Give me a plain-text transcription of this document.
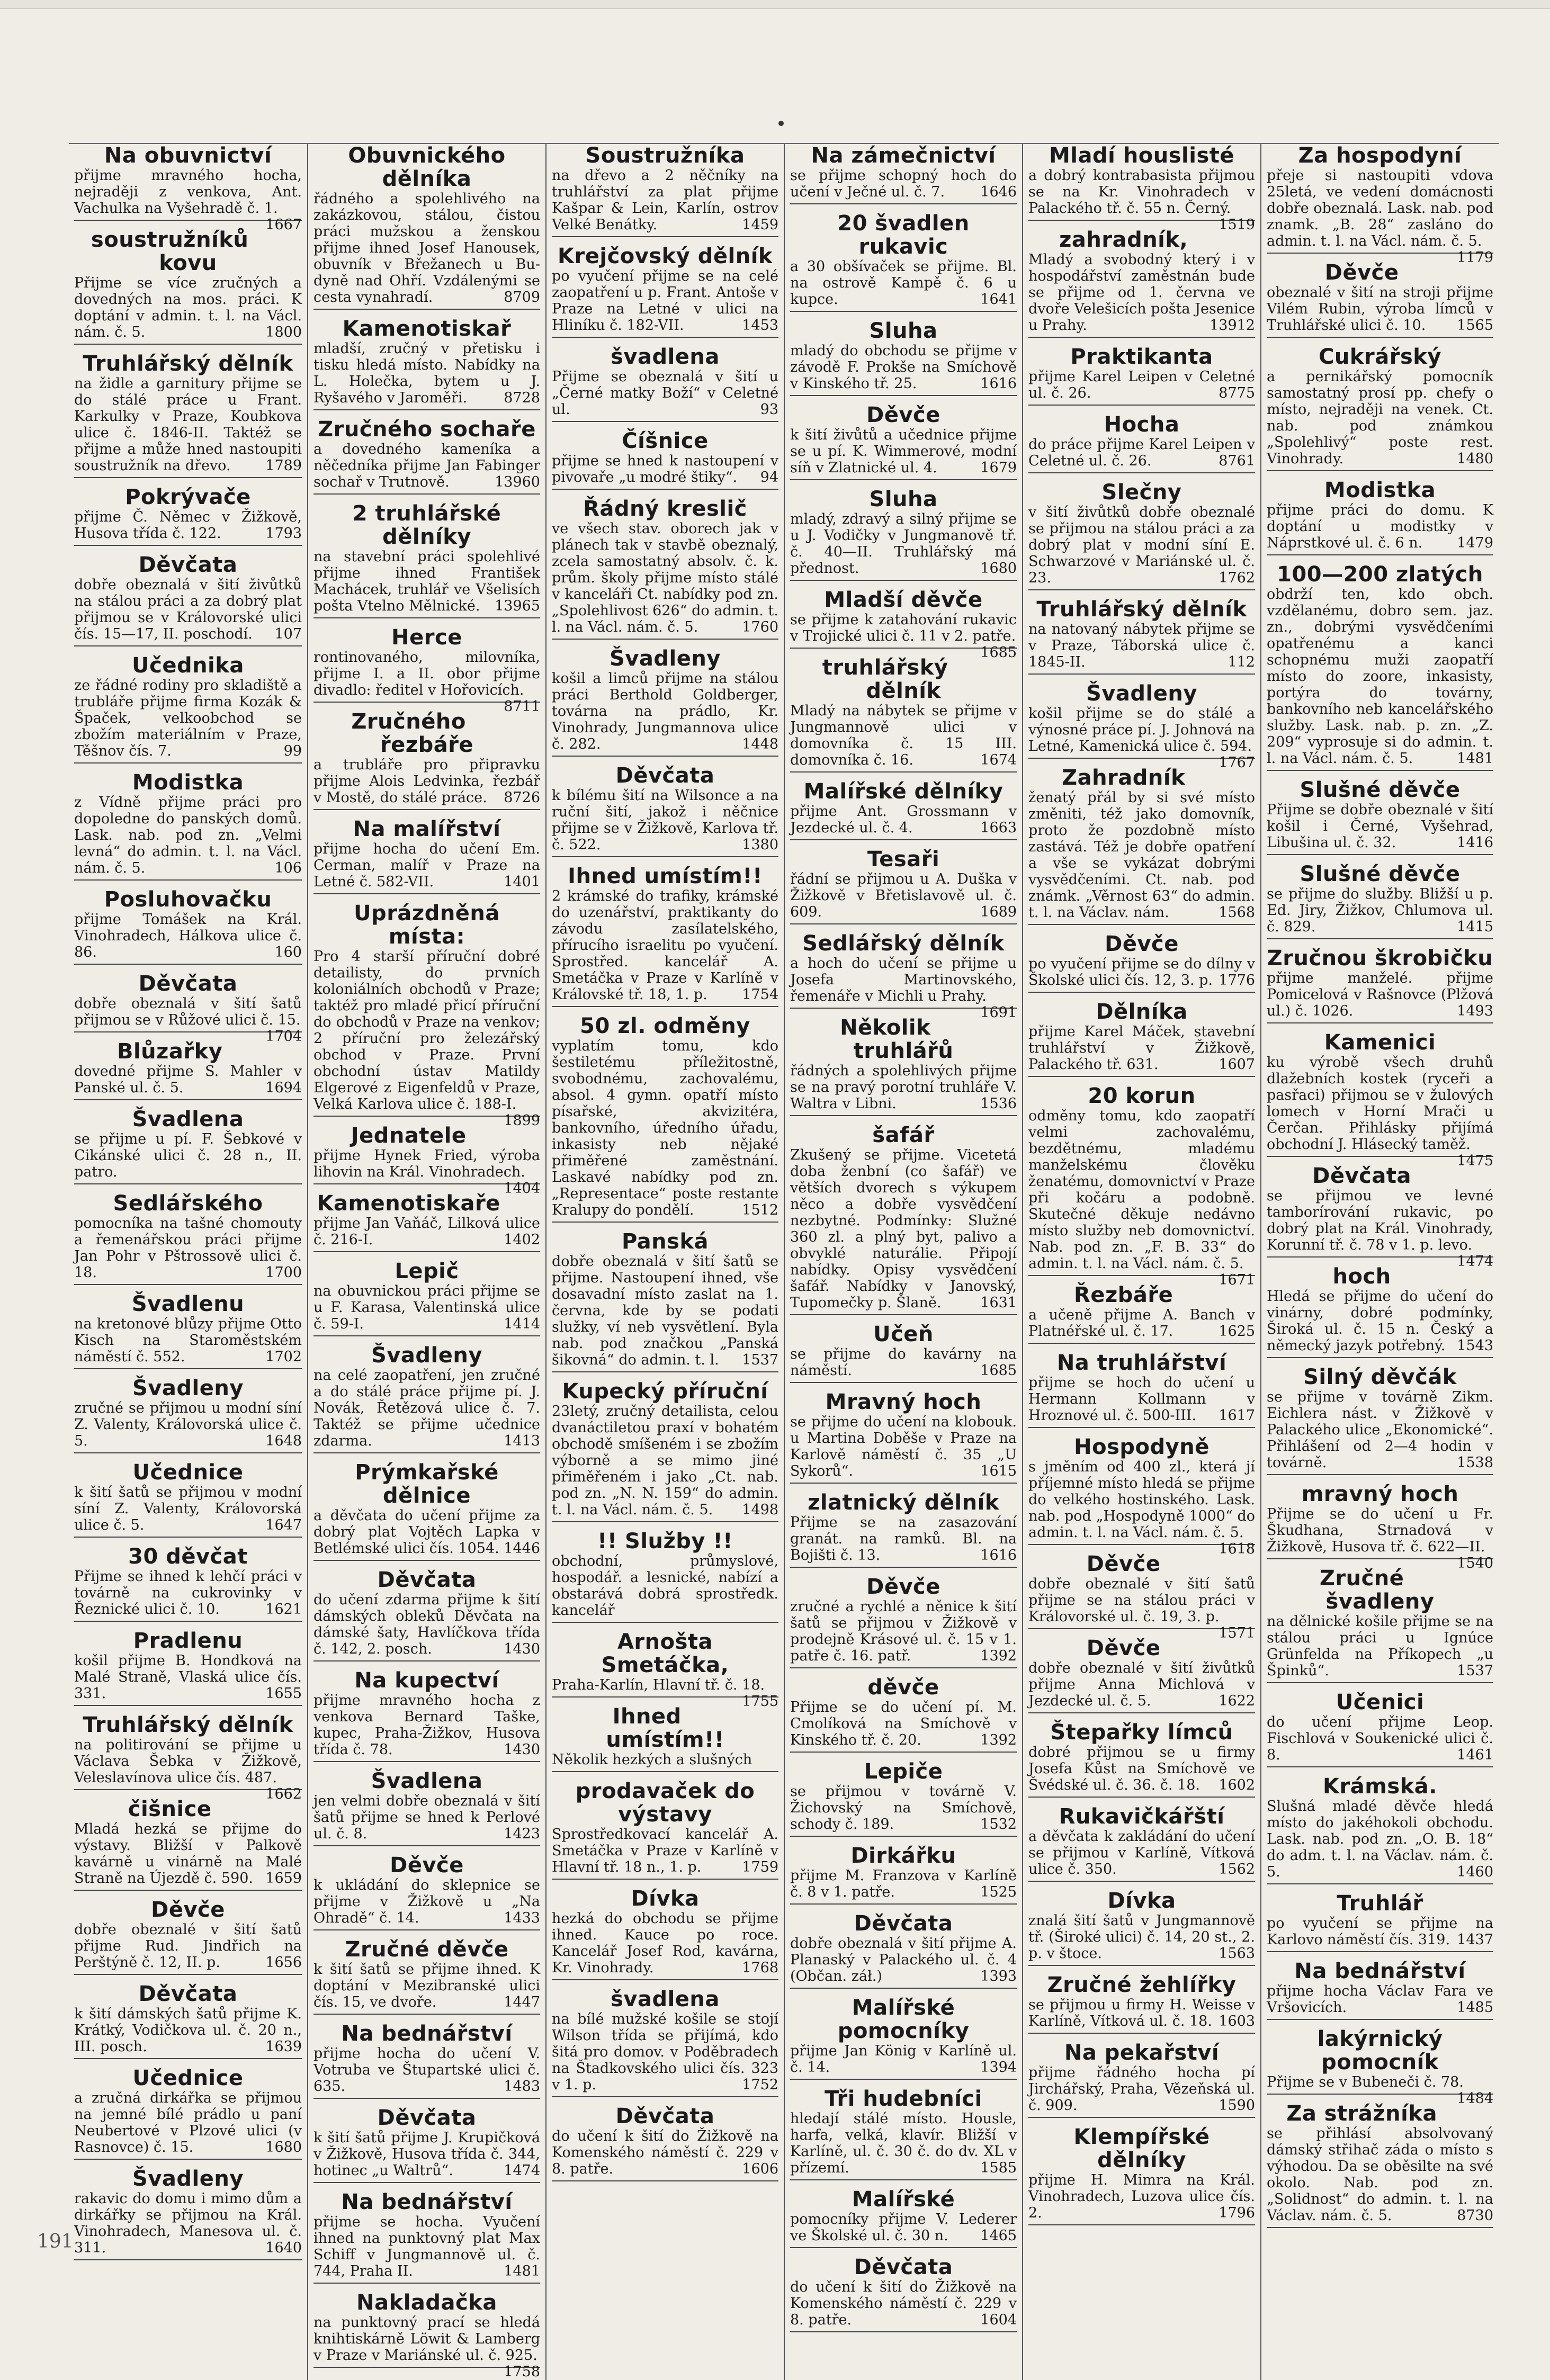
Na obuvnictví

přijme mravného hocha, nejraději z venkova, Ant. Vachulka na Vyšehradě č. 1.
1667

soustružníků kovu

Přijme se více zručných a dovedných na mos. práci. K doptání v admin. t. l. na Václ. nám. č. 5.	1800

Truhlářský dělník

na židle a garnitury přijme se do stálé práce u Frant. Karkulky v Praze, Koubkova ulice č. 1846-II. Taktéž se přijme a může hned nastoupiti soustružník na dřevo. 1789

Pokrývače

přijme Č. Němec v Žižkově, Husova třída č. 122.	1793

Děvčata

dobře obeznalá v šití živůtků na stálou práci a za dobrý plat přijmou se v Královorské ulici čís. 15—17, II. poschodí. 107

Učednika

ze řádné rodiny pro skladiště a trubláře přijme firma Kozák & Špaček, velkoobchod se zbožím materiálním v Praze, Těšnov čís. 7.	99

Modistka

z Vídně přijme práci pro dopoledne do panských domů. Lask. nab. pod zn. „Velmi levná“ do admin. t. l. na Václ. nám. č. 5.	106

Posluhovačku

přijme Tomášek na Král. Vinohradech, Hálkova ulice č. 86.	160

Děvčata

dobře obeznalá v šití šatů přijmou se v Růžové ulici č. 15.
1704

Blůzařky

dovedné přijme S. Mahler v Panské ul. č. 5.	1694

Švadlena

se přijme u pí. F. Šebkové v Cikánské ulici č. 28 n., II. patro.

Sedlářského

pomocníka na tašné chomouty a řemenářskou práci přijme Jan Pohr v Pštrossově ulici č. 18.	1700

Švadlenu

na kretonové blůzy přijme Otto Kisch na Staroměstském náměstí č. 552.	1702

Švadleny

zručné se přijmou u modní síní Z. Valenty, Královorská ulice č. 5.	1648

Učednice

k šití šatů se přijmou v modní síní Z. Valenty, Královorská ulice č. 5.	1647

30 děvčat

Přijme se ihned k lehčí práci v továrně na cukrovinky v Řeznické ulici č. 10.	1621

Pradlenu

košil přijme B. Hondková na Malé Straně, Vlaská ulice čís. 331.	1655

Truhlářský dělník

na politirování se přijme u Václava Šebka v Žižkově, Veleslavínova ulice čís. 487.
1662

čišnice

Mladá hezká se přijme do výstavy. Bližší v Palkově kavárně u vinárně na Malé Straně na Újezdě č. 590. 1659

Děvče

dobře obeznalé v šití šatů přijme Rud. Jindřich na Perštýně č. 12, II. p.	1656

Děvčata

k šití dámských šatů přijme K. Krátký, Vodičkova ul. č. 20 n., III. posch.	1639

Učednice

a zručná dirkářka se přijmou na jemné bílé prádlo u paní Neubertové v Plzové ulici (v Rasnovce) č. 15.	1680

Švadleny

rakavic do domu i mimo dům a dirkářky se přijmou na Král. Vinohradech, Manesova ul. č. 311.	1640

Obuvnického dělníka

řádného a spolehlivého na zakázkovou, stálou, čistou práci mužskou a ženskou přijme ihned Josef Hanousek, obuvník v Břežanech u Bu-dyně nad Ohří. Vzdálenými se cesta vynahradí.	8709

Kamenotiskař

mladší, zručný v přetisku i tisku hledá místo. Nabídky na L. Holečka, bytem u J. Ryšavého v Jaroměři.	8728

Zručného sochaře

a dovedného kameníka a něčedníka přijme Jan Fabinger sochař v Trutnově.	13960

2 truhlářské dělníky

na stavební práci spolehlivé přijme ihned František Machácek, truhlář ve Všelisích pošta Vtelno Mělnické. 13965

Herce

rontinovaného, milovníka, přijme I. a II. obor přijme divadlo: ředitel v Hořovicích.
8711

Zručného řezbáře

a trubláře pro připravku přijme Alois Ledvinka, řezbář v Mostě, do stálé práce. 8726

Na malířství

přijme hocha do učení Em. Cerman, malíř v Praze na Letné č. 582-VII.	1401

Uprázdněná místa:

Pro 4 starší příruční dobré detailisty, do prvních koloniálních obchodů v Praze; taktéž pro mladé přicí příruční do obchodů v Praze na venkov; 2 příruční pro železářský obchod v Praze. První obchodní ústav Matildy Elgerové z Eigenfeldů v Praze, Velká Karlova ulice č. 188-I.
1899

Jednatele

přijme Hynek Fried, výroba lihovin na Král. Vinohradech.
1404

Kamenotiskaře

přijme Jan Vaňáč, Lilková ulice č. 216-I.	1402

Lepič

na obuvnickou práci přijme se u F. Karasa, Valentinská ulice č. 59-I.	1414

Švadleny

na celé zaopatření, jen zručné a do stálé práce přijme pí. J. Novák, Řetězová ulice č. 7. Taktéž se přijme učednice zdarma.	1413

Prýmkařské dělnice

a děvčata do učení přijme za dobrý plat Vojtěch Lapka v Betlémské ulici čís. 1054. 1446

Děvčata

do učení zdarma přijme k šití dámských obleků Děvčata na dámské šaty, Havlíčkova třída č. 142, 2. posch.	1430

Na kupectví

přijme mravného hocha z venkova Bernard Taške, kupec, Praha-Žižkov, Husova třída č. 78.	1430

Švadlena

jen velmi dobře obeznalá v šití šatů přijme se hned k Perlové ul. č. 8.	1423

Děvče

k ukládání do sklepnice se přijme v Žižkově u „Na Ohradě“ č. 14.	1433

Zručné děvče

k šití šatů se přijme ihned. K doptání v Mezibranské ulici čís. 15, ve dvoře.	1447

Na bednářství

přijme hocha do učení V. Votruba ve Štupartské ulici č. 635.	1483

Děvčata

k šití šatů přijme J. Krupičková v Žižkově, Husova třída č. 344, hotinec „u Waltrů“.	1474

Na bednářství

přijme se hocha. Vyučení ihned na punktovný plat Max Schiff v Jungmannově ul. č. 744, Praha II.	1481

Nakladačka

na punktovný prací se hledá knihtiskárně Löwit & Lamberg v Praze v Mariánské ul. č. 925.
1758

Soustružníka

na dřevo a 2 něčníky na truhlářství za plat přijme Kašpar & Lein, Karlín, ostrov Velké Benátky.	1459

Krejčovský dělník

po vyučení přijme se na celé zaopatření u p. Frant. Antoše v Praze na Letné v ulici na Hliníku č. 182-VII.	1453

švadlena

Přijme se obeznalá v šití u „Černé matky Boží“ v Celetné ul.	93

Číšnice

přijme se hned k nastoupení v pivovaře „u modré štiky“. 94

Řádný kreslič

ve všech stav. oborech jak v plánech tak v stavbě obeznalý, zcela samostatný absolv. č. k. prům. školy přijme místo stálé v kanceláři Ct. nabídky pod zn. „Spolehlivost 626“ do admin. t. l. na Václ. nám. č. 5.	1760

Švadleny

košil a limců přijme na stálou práci Berthold Goldberger, továrna na prádlo, Kr. Vinohrady, Jungmannova ulice č. 282.	1448

Děvčata

k bílému šití na Wilsonce a na ruční šití, jakož i něčnice přijme se v Žižkově, Karlova tř. č. 522.	1380

Ihned umístím!!

2 krámské do trafiky, krámské do uzenářství, praktikanty do závodu zasílatelského, přírucího israelitu po vyučení. Sprostřed. kancelář A. Smetáčka v Praze v Karlíně v Královské tř. 18, 1. p. 1754

50 zl. odměny

vyplatím tomu, kdo šestiletému příležitostně, svobodnému, zachovalému, absol. 4 gymn. opatří místo písařské, akvizitéra, bankovního, úředního úřadu, inkasisty neb nějaké přiměřené zaměstnání. Laskavé nabídky pod zn. „Representace“ poste restante Kralupy do pondělí.	1512

Panská

dobře obeznalá v šití šatů se přijme. Nastoupení ihned, vše dosavadní místo zaslat na 1. června, kde by se podati služky, ví neb vysvětlení. Byla nab. pod značkou „Panská šikovná“ do admin. t. l. 1537

Kupecký příruční

23letý, zručný detailista, celou dvanáctiletou praxí v bohatém obchodě smíšeném i se zbožím výborně a se mimo jiné přiměřeném i jako „Ct. nab. pod zn. „N. N. 159“ do admin. t. l. na Václ. nám. č. 5. 1498

!! Služby !!

obchodní, průmyslové, hospodář. a lesnické, nabízí a obstarává dobrá sprostředk. kancelář

Arnošta Smetáčka,

Praha-Karlín, Hlavní tř. č. 18.
1755

Ihned umístím!!

Několik hezkých a slušných

prodavaček do výstavy

Sprostředkovací kancelář A. Smetáčka v Praze v Karlíně v Hlavní tř. 18 n., 1. p.	1759

Dívka

hezká do obchodu se přijme ihned. Kauce po roce. Kancelář Josef Rod, kavárna, Kr. Vinohrady.	1768

švadlena

na bílé mužské košile se stojí Wilson třída se přijímá, kdo šitá pro domov. v Poděbradech na Štadkovského ulici čís. 323 v 1. p.	1752

Děvčata

do učení k šití do Žižkově na Komenského náměstí č. 229 v 8. patře.	1606

Na zámečnictví

se přijme schopný hoch do učení v Ječné ul. č. 7. 1646

20 švadlen rukavic

a 30 obšívaček se přijme. Bl. na ostrově Kampě č. 6 u kupce.	1641

Sluha

mladý do obchodu se přijme v závodě F. Prokše na Smíchově v Kinského tř. 25.	1616

Děvče

k šití živůtů a učednice přijme se u pí. K. Wimmerové, modní síň v Zlatnické ul. 4.	1679

Sluha

mladý, zdravý a silný přijme se u J. Vodičky v Jungmanově tř. č. 40—II. Truhlářský má přednost.	1680

Mladší děvče

se přijme k zatahování rukavic v Trojické ulici č. 11 v 2. patře.
1685

truhlářský dělník

Mladý na nábytek se přijme v Jungmannově ulici v domovníka č. 15 III. domovníka č. 16.	1674

Malířské dělníky

přijme Ant. Grossmann v Jezdecké ul. č. 4.	1663

Tesaři

řádní se přijmou u A. Duška v Žižkově v Břetislavově ul. č. 609.	1689

Sedlářský dělník

a hoch do učení se přijme u Josefa Martinovského, řemenáře v Michli u Prahy.
1691

Několik truhlářů

řádných a spolehlivých přijme se na pravý porotní truhláře V. Waltra v Libni.	1536

šafář

Zkušený se přijme. Vicetetá doba ženbní (co šafář) ve větších dvorech s výkupem něco a dobře vysvědčení nezbytné. Podmínky: Služné 360 zl. a plný byt, palivo a obvyklé naturálie. Připojí nabídky. Opisy vysvědčení šafář. Nabídky v Janovský, Tupomečky p. Šlaně.	1631

Učeň

se přijme do kavárny na náměstí.	1685

Mravný hoch

se přijme do učení na klobouk. u Martina Doběše v Praze na Karlově náměstí č. 35 „U Sykorů“.	1615

zlatnický dělník

Přijme se na zasazování granát. na ramků. Bl. na Bojišti č. 13.	1616

Děvče

zručné a rychlé a něnice k šití šatů se přijmou v Žižkově v prodejně Krásové ul. č. 15 v 1. patře č. 16. patř.	1392

děvče

Přijme se do učení pí. M. Cmolíková na Smíchově v Kinského tř. č. 20.	1392

Lepiče

se přijmou v továrně V. Žichovský na Smíchově, schody č. 189.	1532

Dirkářku

přijme M. Franzova v Karlíně č. 8 v 1. patře.	1525

Děvčata

dobře obeznalá v šití přijme A. Planaský v Palackého ul. č. 4 (Občan. záł.)	1393

Malířské pomocníky

přijme Jan König v Karlíně ul. č. 14.	1394

Tři hudebníci

hledají stálé místo. Housle, harfa, velká, klavír. Bližší v Karlíně, ul. č. 30 č. do dv. XL v přízemí.	1585

Malířské

pomocníky přijme V. Lederer ve Školské ul. č. 30 n. 1465

Děvčata

do učení k šití do Žižkově na Komenského náměstí č. 229 v 8. patře.	1604

Mladí houslisté

a dobrý kontrabasista přijmou se na Kr. Vinohradech v Palackého tř. č. 55 n. Černý.
1519

zahradník,

Mladý a svobodný který i v hospodářství zaměstnán bude se přijme od 1. června ve dvoře Velešicích pošta Jesenice u Prahy.	13912

Praktikanta

přijme Karel Leipen v Celetné ul. č. 26.	8775

Hocha

do práce přijme Karel Leipen v Celetné ul. č. 26.	8761

Slečny

v šití živůtků dobře obeznalé se přijmou na stálou práci a za dobrý plat v modní síní E. Schwarzové v Mariánské ul. č. 23.	1762

Truhlářský dělník

na natovaný nábytek přijme se v Praze, Táborská ulice č. 1845-II.	112

Švadleny

košil přijme se do stálé a výnosné práce pí. J. Johnová na Letné, Kamenická ulice č. 594.
1767

Zahradník

ženatý přál by si své místo změniti, též jako domovník, proto že pozdobně místo zastává. Též je dobře opatření a vše se vykázat dobrými vysvědčeními. Ct. nab. pod známk. „Věrnost 63“ do admin. t. l. na Václav. nám.	1568

Děvče

po vyučení přijme se do dílny v Školské ulici čís. 12, 3. p. 1776

Dělníka

přijme Karel Máček, stavební truhlářství v Žižkově, Palackého tř. 631.	1607

20 korun

odměny tomu, kdo zaopatří velmi zachovalému, bezdětnému, mladému manželskému člověku ženatému, domovnictví v Praze při kočáru a podobně. Skutečné děkuje nedávno místo služby neb domovnictví. Nab. pod zn. „F. B. 33“ do admin. t. l. na Václ. nám. č. 5.
1671

Řezbáře

a učeně přijme A. Banch v Platnéřské ul. č. 17.	1625

Na truhlářství

přijme se hoch do učení u Hermann Kollmann v Hroznové ul. č. 500-III. 1617

Hospodyně

s jměním od 400 zl., která jí příjemné místo hledá se přijme do velkého hostinského. Lask. nab. pod „Hospodyně 1000“ do admin. t. l. na Václ. nám. č. 5.
1618

Děvče

dobře obeznalé v šití šatů přijme se na stálou práci v Královorské ul. č. 19, 3. p.
1571

Děvče

dobře obeznalé v šití živůtků přijme Anna Michlová v Jezdecké ul. č. 5.	1622

Štepařky límců

dobré přijmou se u firmy Josefa Kůst na Smíchově ve Švédské ul. č. 36. č. 18. 1602

Rukavičkářští

a děvčata k zakládání do učení se přijmou v Karlíně, Vítková ulice č. 350.	1562

Dívka

znalá šití šatů v Jungmannově tř. (Široké ulici) č. 14, 20 st., 2. p. v štoce.	1563

Zručné žehlířky

se přijmou u firmy H. Weisse v Karlíně, Vítková ul. č. 18. 1603

Na pekařství

přijme řádného hocha pí Jirchářský, Praha, Vězeňská ul. č. 909.	1590

Klempířské dělníky

přijme H. Mimra na Král. Vinohradech, Luzova ulice čís. 2.	1796

Za hospodyní

přeje si nastoupiti vdova 25letá, ve vedení domácnosti dobře obeznalá. Lask. nab. pod znamk. „B. 28“ zasláno do admin. t. l. na Václ. nám. č. 5.
1179

Děvče

obeznalé v šití na stroji přijme Vilém Rubin, výroba límců v Truhlářské ulici č. 10. 1565

Cukrářský

a pernikářský pomocník samostatný prosí pp. chefy o místo, nejraději na venek. Ct. nab. pod známkou „Spolehlivý“ poste rest. Vinohrady.	1480

Modistka

přijme práci do domu. K doptání u modistky v Náprstkové ul. č. 6 n. 1479

100—200 zlatých

obdrží ten, kdo obch. vzdělanému, dobro sem. jaz. zn., dobrými vysvědčeními opatřenému a kanci schopnému muži zaopatří místo do zoore, inkasisty, portýra do továrny, bankovního neb kancelářského služby. Lask. nab. p. zn. „Z. 209“ vyprosuje si do admin. t. l. na Václ. nám. č. 5.	1481

Slušné děvče

Přijme se dobře obeznalé v šití košil i Černé, Vyšehrad, Libušina ul. č. 32.	1416

Slušné děvče

se přijme do služby. Bližší u p. Ed. Jiry, Žižkov, Chlumova ul. č. 829.	1415

Zručnou škrobičku

přijme manželé. přijme Pomicelová v Rašnovce (Plžová ul.) č. 1026.	1493

Kamenici

ku výrobě všech druhů dlažebních kostek (ryceři a pasřaci) přijmou se v žulových lomech v Horní Mrači u Čerčan. Přihlásky přijímá obchodní J. Hlásecký taměž.
1475

Děvčata

se přijmou ve levné tamborírování rukavic, po dobrý plat na Král. Vinohrady, Korunní tř. č. 78 v 1. p. levo.
1474

hoch

Hledá se přijme do učení do vinárny, dobré podmínky, Široká ul. č. 15 n. Český a německý jazyk potřebný. 1543

Silný děvčák

se přijme v továrně Zikm. Eichlera nást. v Žižkově v Palackého ulice „Ekonomické“. Přihlášení od 2—4 hodin v továrně.	1538

mravný hoch

Přijme se do učení u Fr. Škudhana, Strnadová v Žižkově, Husova tř. č. 622—II.
1540

Zručné švadleny

na dělnické košile přijme se na stálou práci u Ignúce Grünfelda na Příkopech „u Špinků“.	1537

Učenici

do učení přijme Leop. Fischlová v Soukenické ulici č. 8.	1461

Krámská.

Slušná mladé děvče hledá místo do jakéhokoli obchodu. Lask. nab. pod zn. „O. B. 18“ do adm. t. l. na Václav. nám. č. 5.	1460

Truhlář

po vyučení se přijme na Karlovo náměstí čís. 319. 1437

Na bednářství

přijme hocha Václav Fara ve Vršovicích.	1485

lakýrnický pomocník

Přijme se v Bubeneči č. 78.
1484

Za strážníka

se přihlásí absolvovaný dámský střihač záda o místo s výhodou. Da se oběsilte na své okolo. Nab. pod zn. „Solidnost“ do admin. t. l. na Václav. nám. č. 5.	8730

191
